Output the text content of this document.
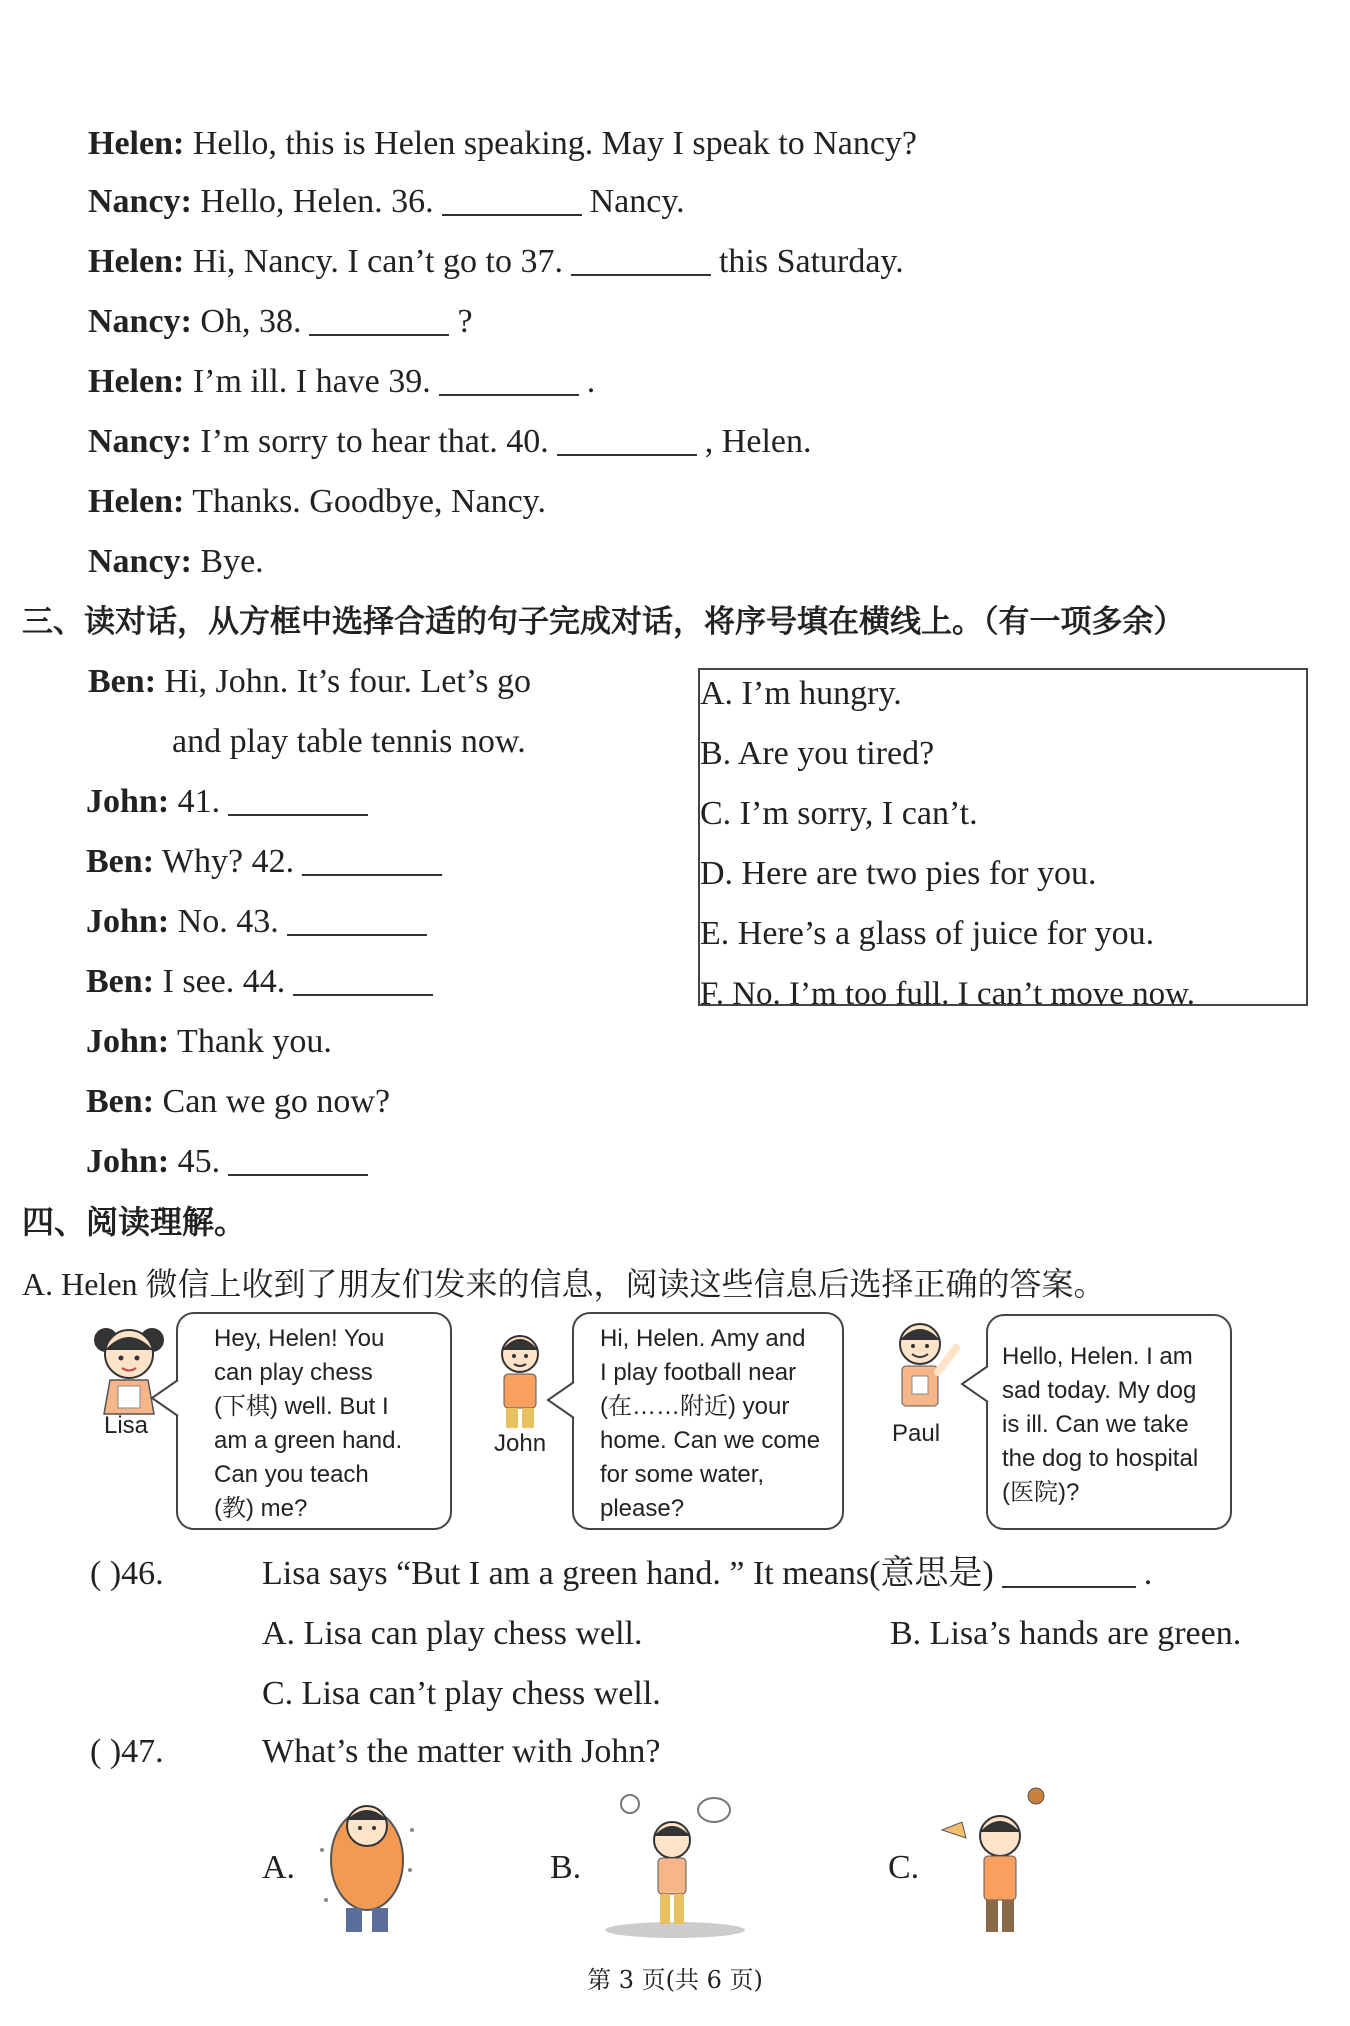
Helen: Hello, this is Helen speaking. May I speak to Nancy?
Nancy: Hello, Helen. 36.	Nancy.
Helen: Hi, Nancy. I can’t go to 37.	this Saturday.
Nancy: Oh, 38.	?
Helen: I’m ill. I have 39.	.
Nancy: I’m sorry to hear that. 40.	, Helen.
Helen: Thanks. Goodbye, Nancy.
Nancy: Bye.
三、读对话，从方框中选择合适的句子完成对话，将序号填在横线上。（有一项多余）
Ben: Hi, John. It’s four. Let’s go
and play table tennis now.
John: 41.
Ben: Why? 42.
John: No. 43.
Ben: I see. 44.
John: Thank you.
Ben: Can we go now?
John: 45.
A. I’m hungry.
B. Are you tired?
C. I’m sorry, I can’t.
D. Here are two pies for you.
E. Here’s a glass of juice for you.
F. No. I’m too full. I can’t move now.
四、阅读理解。
A. Helen 微信上收到了朋友们发来的信息，阅读这些信息后选择正确的答案。
Lisa
Hey, Helen! You
can play chess
(下棋) well. But I
am a green hand.
Can you teach
(教) me?
John
Hi, Helen. Amy and
I play football near
(在……附近) your
home. Can we come
for some water,
please?
Paul
Hello, Helen. I am
sad today. My dog
is ill. Can we take
the dog to hospital
(医院)?
( )46.	Lisa says “But I am a green hand. ” It means(意思是)	.
A. Lisa can play chess well.	B. Lisa’s hands are green.
C. Lisa can’t play chess well.
( )47.	What’s the matter with John?
A.	B.	C.
第 3 页(共 6 页)
